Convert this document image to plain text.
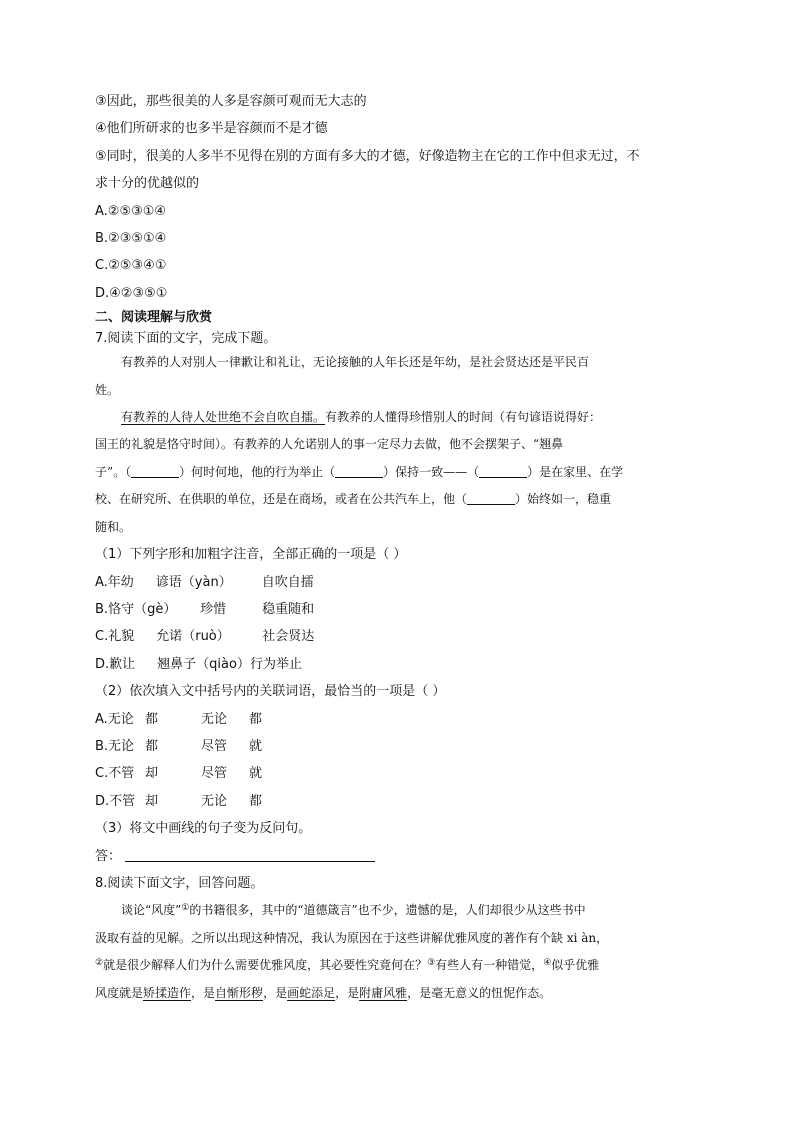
③因此，那些很美的人多是容颜可观而无大志的
④他们所研求的也多半是容颜而不是才德
⑤同时，很美的人多半不见得在别的方面有多大的才德，好像造物主在它的工作中但求无过，不
求十分的优越似的
A.②⑤③①④
B.②③⑤①④
C.②⑤③④①
D.④②③⑤①
二、阅读理解与欣赏
7.阅读下面的文字，完成下题。
有教养的人对别人一律歉让和礼让，无论接触的人年长还是年幼，是社会贤达还是平民百
姓。
有教养的人待人处世绝不会自吹自擂。有教养的人懂得珍惜别人的时间（有句谚语说得好：
国王的礼貌是恪守时间）。有教养的人允诺别人的事一定尽力去做，他不会摆架子、“翘鼻
子”。（	）何时何地，他的行为举止（	）保持一致——（	）是在家里、在学
校、在研究所、在供职的单位，还是在商场，或者在公共汽车上，他（	）始终如一，稳重
随和。
（1）下列字形和加粗字注音，全部正确的一项是（ ）
A.年幼 谚语（yàn） 自吹自擂
B.恪守（gè） 珍惜	稳重随和
C.礼貌 允诺（ruò） 社会贤达
D.歉让 翘鼻子（qiào）行为举止
（2）依次填入文中括号内的关联词语，最恰当的一项是（ ）
A.无论 都	无论 都
B.无论 都	尽管 就
C.不管 却	尽管 就
D.不管 却	无论 都
（3）将文中画线的句子变为反问句。
答：
8.阅读下面文字，回答问题。
谈论“风度”①的书籍很多，其中的“道德箴言”也不少，遗憾的是，人们却很少从这些书中
汲取有益的见解。之所以出现这种情况，我认为原因在于这些讲解优雅风度的著作有个缺 xi àn，
②就是很少解释人们为什么需要优雅风度，其必要性究竟何在？③有些人有一种错觉，④似乎优雅
风度就是矫揉造作，是自惭形秽，是画蛇添足，是附庸风雅，是毫无意义的忸怩作态。
